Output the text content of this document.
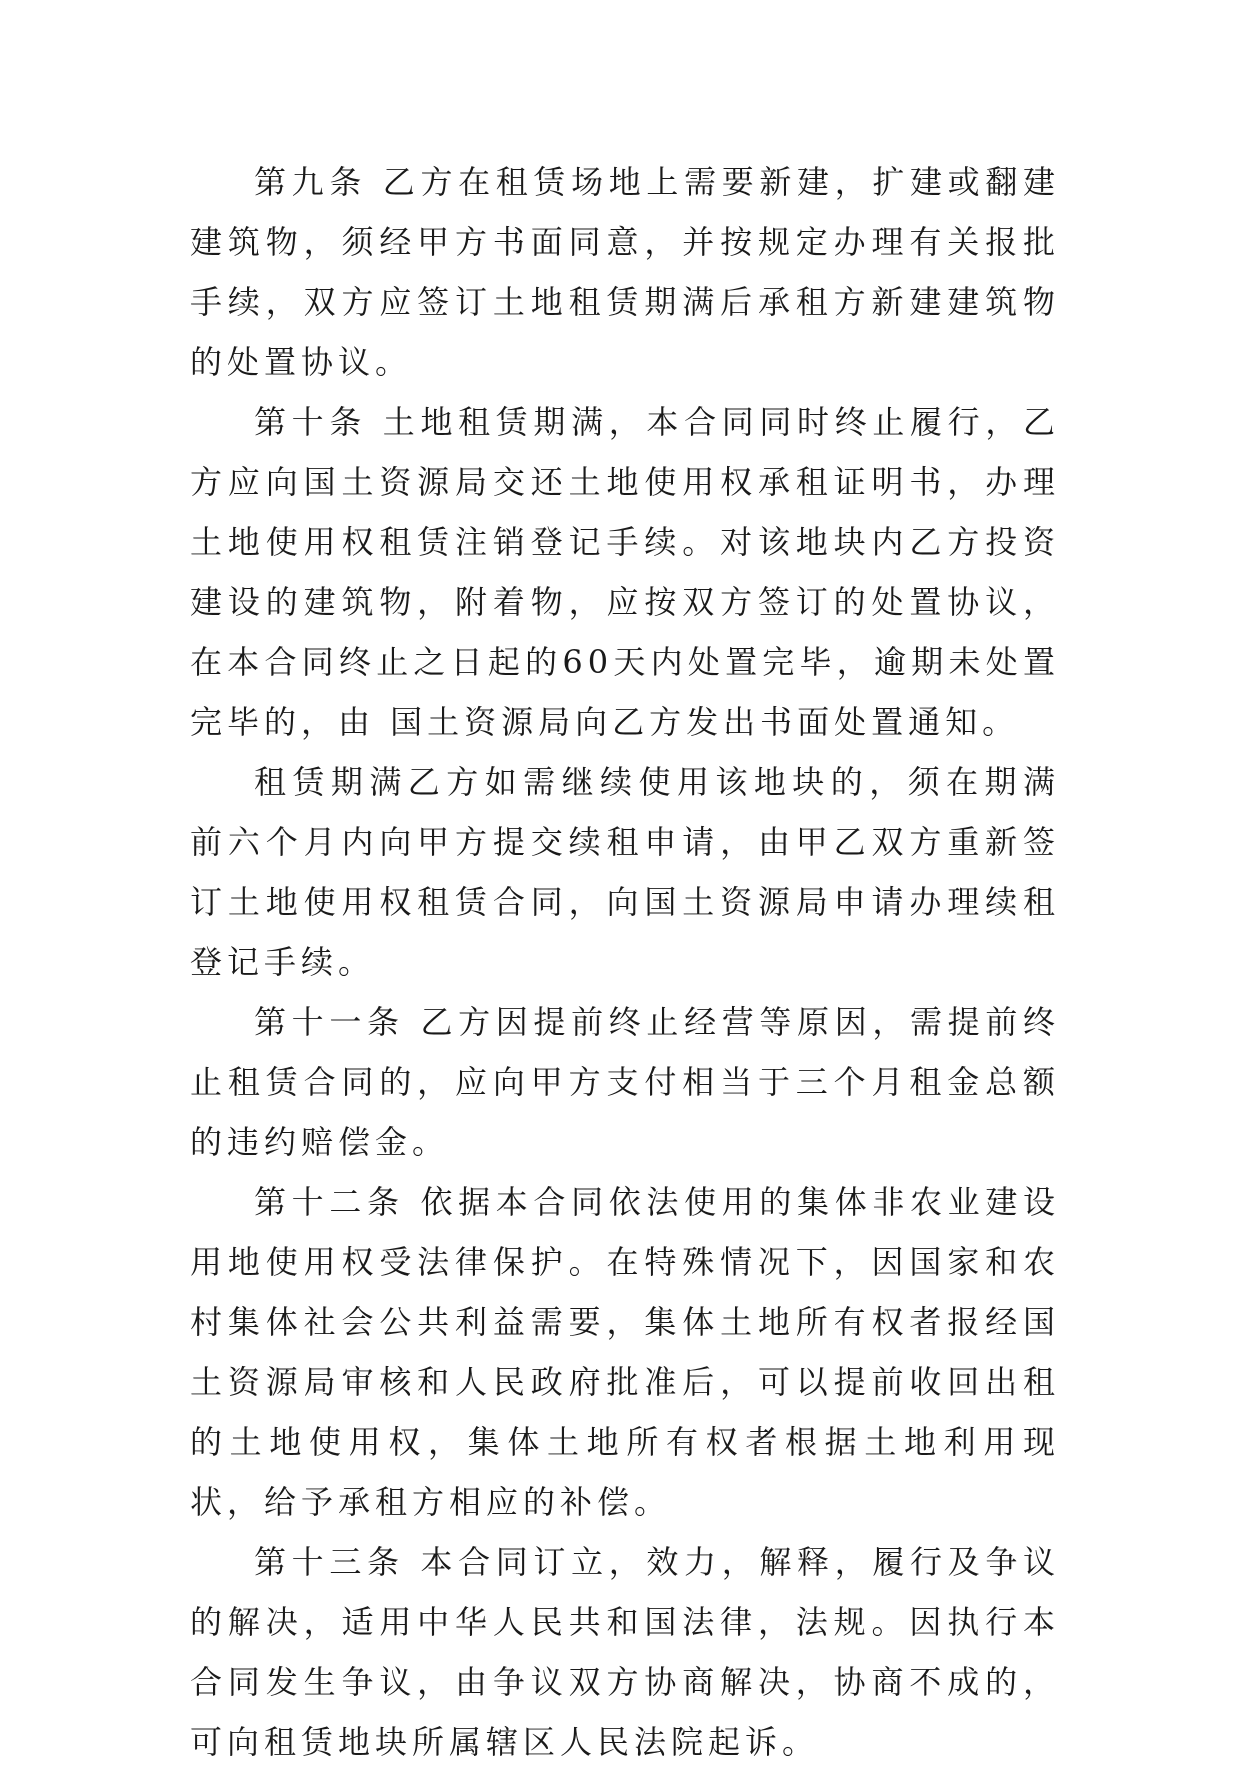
第九条 乙方在租赁场地上需要新建，扩建或翻建建筑物，须经甲方书面同意，并按规定办理有关报批手续，双方应签订土地租赁期满后承租方新建建筑物的处置协议。

第十条 土地租赁期满，本合同同时终止履行，乙方应向国土资源局交还土地使用权承租证明书，办理土地使用权租赁注销登记手续。对该地块内乙方投资建设的建筑物，附着物，应按双方签订的处置协议，在本合同终止之日起的60天内处置完毕，逾期未处置完毕的，由 国土资源局向乙方发出书面处置通知。

租赁期满乙方如需继续使用该地块的，须在期满前六个月内向甲方提交续租申请，由甲乙双方重新签订土地使用权租赁合同，向国土资源局申请办理续租登记手续。

第十一条 乙方因提前终止经营等原因，需提前终止租赁合同的，应向甲方支付相当于三个月租金总额的违约赔偿金。

第十二条 依据本合同依法使用的集体非农业建设用地使用权受法律保护。在特殊情况下，因国家和农村集体社会公共利益需要，集体土地所有权者报经国土资源局审核和人民政府批准后，可以提前收回出租的土地使用权，集体土地所有权者根据土地利用现状，给予承租方相应的补偿。

第十三条 本合同订立，效力，解释，履行及争议的解决，适用中华人民共和国法律，法规。因执行本合同发生争议，由争议双方协商解决，协商不成的，可向租赁地块所属辖区人民法院起诉。
